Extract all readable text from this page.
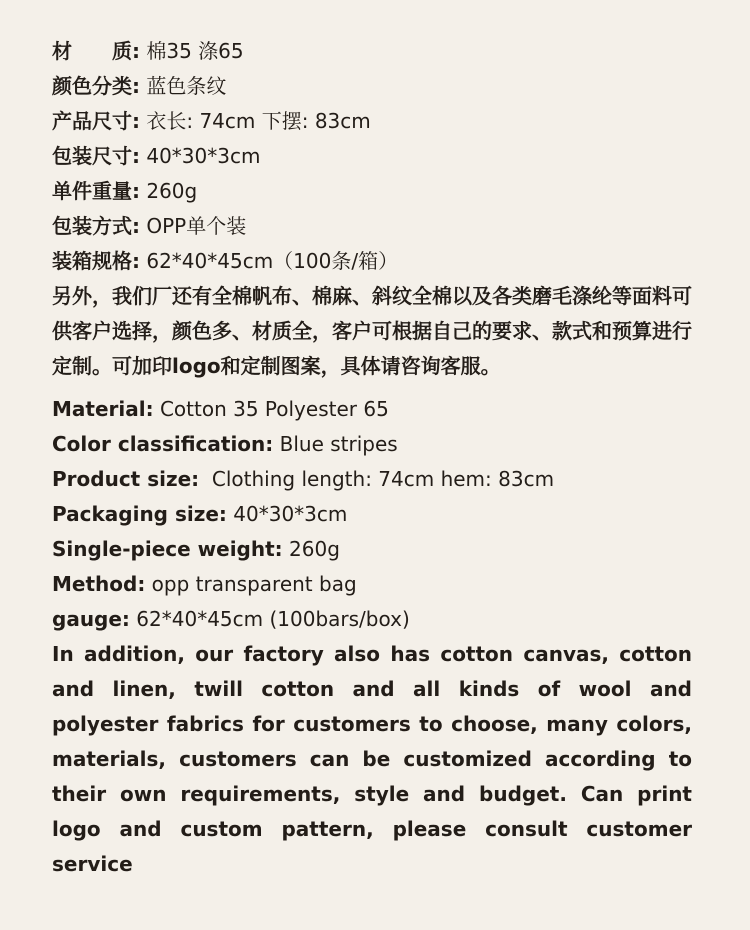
材　　质: 棉35 涤65

颜色分类: 蓝色条纹

产品尺寸: 衣长: 74cm 下摆: 83cm

包装尺寸: 40*30*3cm

单件重量: 260g

包装方式: OPP单个装

装箱规格: 62*40*45cm（100条/箱）

另外，我们厂还有全棉帆布、棉麻、斜纹全棉以及各类磨毛涤纶等面料可供客户选择，颜色多、材质全，客户可根据自己的要求、款式和预算进行定制。可加印logo和定制图案，具体请咨询客服。

Material: Cotton 35 Polyester 65

Color classification: Blue stripes

Product size:  Clothing length: 74cm hem: 83cm

Packaging size: 40*30*3cm

Single-piece weight: 260g

Method: opp transparent bag

gauge: 62*40*45cm (100bars/box)

In addition, our factory also has cotton canvas, cotton and linen, twill cotton and all kinds of wool and polyester fabrics for customers to choose, many colors, materials, customers can be customized according to their own requirements, style and budget. Can print logo and custom pattern, please consult customer service
